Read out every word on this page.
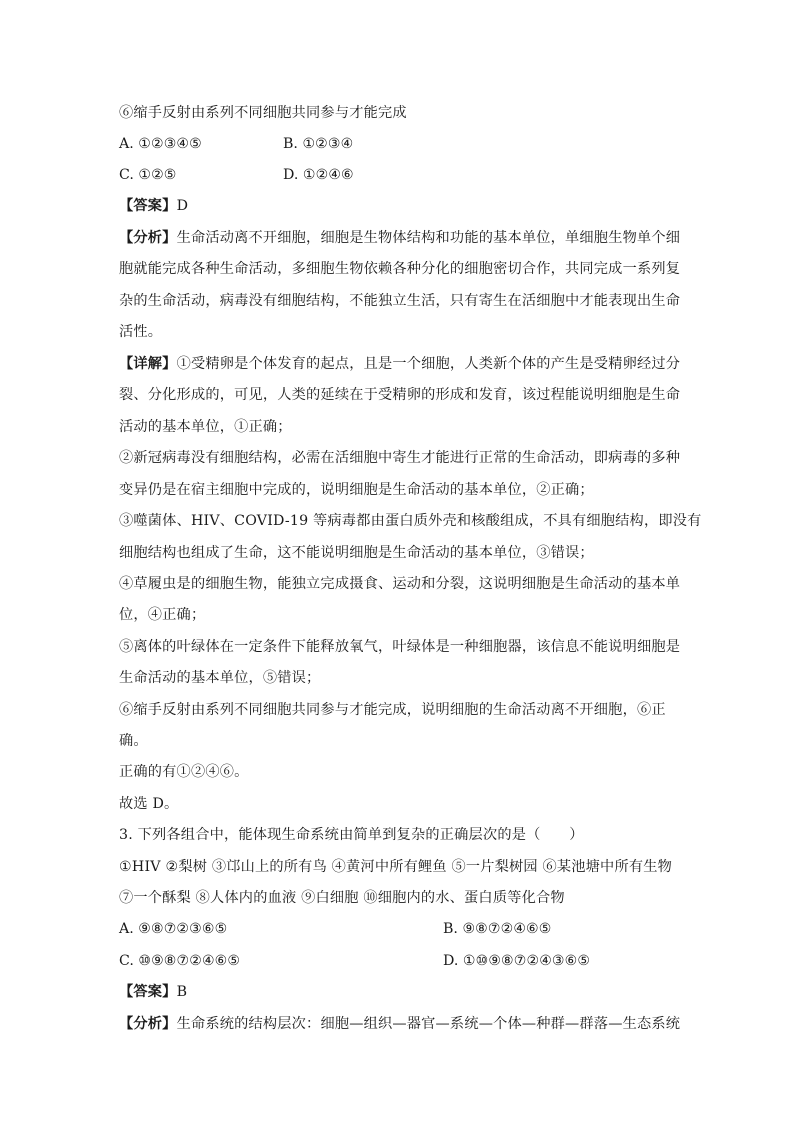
⑥缩手反射由系列不同细胞共同参与才能完成
A. ①②③④⑤	B. ①②③④
C. ①②⑤	D. ①②④⑥
【答案】D
【分析】生命活动离不开细胞，细胞是生物体结构和功能的基本单位，单细胞生物单个细
胞就能完成各种生命活动，多细胞生物依赖各种分化的细胞密切合作，共同完成一系列复
杂的生命活动，病毒没有细胞结构，不能独立生活，只有寄生在活细胞中才能表现出生命
活性。
【详解】①受精卵是个体发育的起点，且是一个细胞，人类新个体的产生是受精卵经过分
裂、分化形成的，可见，人类的延续在于受精卵的形成和发育，该过程能说明细胞是生命
活动的基本单位，①正确；
②新冠病毒没有细胞结构，必需在活细胞中寄生才能进行正常的生命活动，即病毒的多种
变异仍是在宿主细胞中完成的，说明细胞是生命活动的基本单位，②正确；
③噬菌体、HIV、COVID-19 等病毒都由蛋白质外壳和核酸组成，不具有细胞结构，即没有
细胞结构也组成了生命，这不能说明细胞是生命活动的基本单位，③错误；
④草履虫是的细胞生物，能独立完成摄食、运动和分裂，这说明细胞是生命活动的基本单
位，④正确；
⑤离体的叶绿体在一定条件下能释放氧气，叶绿体是一种细胞器，该信息不能说明细胞是
生命活动的基本单位，⑤错误；
⑥缩手反射由系列不同细胞共同参与才能完成，说明细胞的生命活动离不开细胞，⑥正
确。
正确的有①②④⑥。
故选 D。
3. 下列各组合中，能体现生命系统由简单到复杂的正确层次的是（　　）
①HIV ②梨树 ③邙山上的所有鸟 ④黄河中所有鲤鱼 ⑤一片梨树园 ⑥某池塘中所有生物
⑦一个酥梨 ⑧人体内的血液 ⑨白细胞 ⑩细胞内的水、蛋白质等化合物
A. ⑨⑧⑦②③⑥⑤	B. ⑨⑧⑦②④⑥⑤
C. ⑩⑨⑧⑦②④⑥⑤	D. ①⑩⑨⑧⑦②④③⑥⑤
【答案】B
【分析】生命系统的结构层次：细胞—组织—器官—系统—个体—种群—群落—生态系统
